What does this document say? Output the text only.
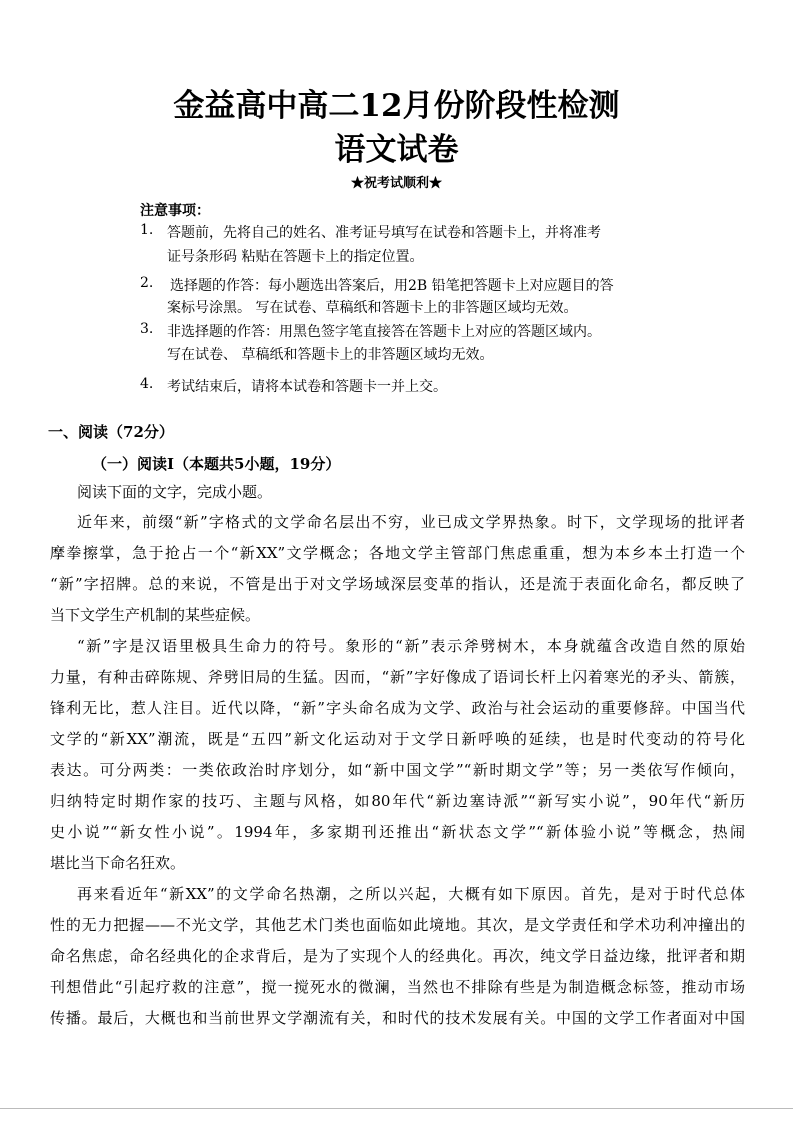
金益高中高二12月份阶段性检测
语文试卷
★祝考试顺利★
注意事项：
1. 答题前，先将自己的姓名、准考证号填写在试卷和答题卡上，并将准考
证号条形码 粘贴在答题卡上的指定位置。
2. 选择题的作答：每小题选出答案后，用2B 铅笔把答题卡上对应题目的答
案标号涂黑。 写在试卷、草稿纸和答题卡上的非答题区域均无效。
3. 非选择题的作答：用黑色签字笔直接答在答题卡上对应的答题区域内。
写在试卷、 草稿纸和答题卡上的非答题区域均无效。
4. 考试结束后，请将本试卷和答题卡一并上交。
一、阅读（72分）
（一）阅读Ⅰ（本题共5小题，19分）
阅读下面的文字，完成小题。
近年来，前缀“新”字格式的文学命名层出不穷，业已成文学界热象。时下，文学现场的批评者
摩拳擦掌，急于抢占一个“新XX”文学概念；各地文学主管部门焦虑重重，想为本乡本土打造一个
“新”字招牌。总的来说，不管是出于对文学场域深层变革的指认，还是流于表面化命名，都反映了
当下文学生产机制的某些症候。
“新”字是汉语里极具生命力的符号。象形的“新”表示斧劈树木，本身就蕴含改造自然的原始
力量，有种击碎陈规、斧劈旧局的生猛。因而，“新”字好像成了语词长杆上闪着寒光的矛头、箭簇，
锋利无比，惹人注目。近代以降，“新”字头命名成为文学、政治与社会运动的重要修辞。中国当代
文学的“新XX”潮流，既是“五四”新文化运动对于文学日新呼唤的延续，也是时代变动的符号化
表达。可分两类：一类依政治时序划分，如“新中国文学”“新时期文学”等；另一类依写作倾向，
归纳特定时期作家的技巧、主题与风格，如80年代“新边塞诗派”“新写实小说”，90年代“新历
史小说”“新女性小说”。1994年，多家期刊还推出“新状态文学”“新体验小说”等概念，热闹
堪比当下命名狂欢。
再来看近年“新XX”的文学命名热潮，之所以兴起，大概有如下原因。首先，是对于时代总体
性的无力把握——不光文学，其他艺术门类也面临如此境地。其次，是文学责任和学术功利冲撞出的
命名焦虑，命名经典化的企求背后，是为了实现个人的经典化。再次，纯文学日益边缘，批评者和期
刊想借此“引起疗救的注意”，搅一搅死水的微澜，当然也不排除有些是为制造概念标签，推动市场
传播。最后，大概也和当前世界文学潮流有关，和时代的技术发展有关。中国的文学工作者面对中国
